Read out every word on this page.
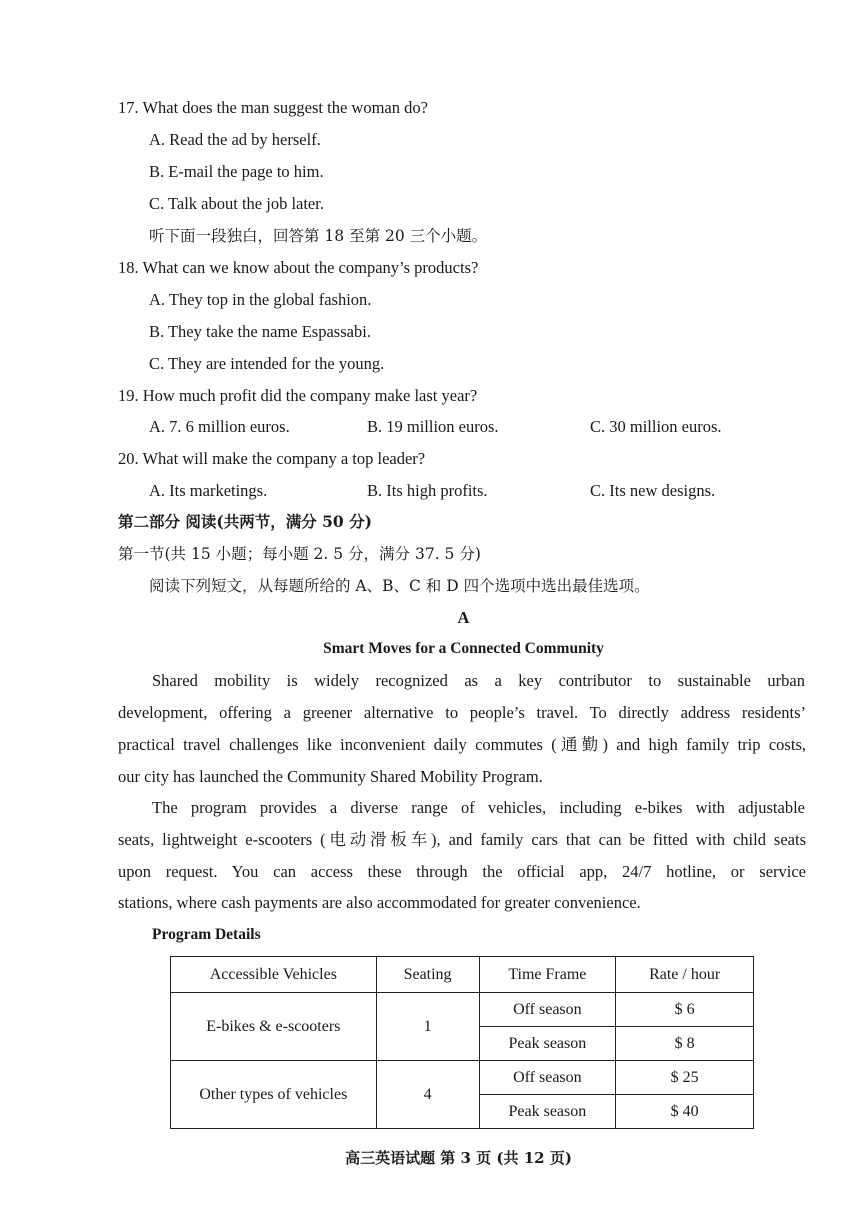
17. What does the man suggest the woman do?
A. Read the ad by herself.
B. E-mail the page to him.
C. Talk about the job later.
听下面一段独白，回答第 18 至第 20 三个小题。
18. What can we know about the company’s products?
A. They top in the global fashion.
B. They take the name Espassabi.
C. They are intended for the young.
19. How much profit did the company make last year?
A. 7. 6 million euros.	B. 19 million euros.	C. 30 million euros.
20. What will make the company a top leader?
A. Its marketings.	B. Its high profits.	C. Its new designs.
第二部分 阅读(共两节，满分 50 分)
第一节(共 15 小题；每小题 2. 5 分，满分 37. 5 分)
阅读下列短文，从每题所给的 A、B、C 和 D 四个选项中选出最佳选项。
A
Smart Moves for a Connected Community
Shared mobility is widely recognized as a key contributor to sustainable urban
development, offering a greener alternative to people’s travel. To directly address residents’
practical travel challenges like inconvenient daily commutes (通勤) and high family trip costs,
our city has launched the Community Shared Mobility Program.
The program provides a diverse range of vehicles, including e-bikes with adjustable
seats, lightweight e-scooters (电动滑板车), and family cars that can be fitted with child seats
upon request. You can access these through the official app, 24/7 hotline, or service
stations, where cash payments are also accommodated for greater convenience.
Program Details
Accessible Vehicles	Seating	Time Frame	Rate / hour
E-bikes & e-scooters	1	Off season	$ 6
		Peak season	$ 8
Other types of vehicles	4	Off season	$ 25
		Peak season	$ 40
高三英语试题 第 3 页 (共 12 页)
